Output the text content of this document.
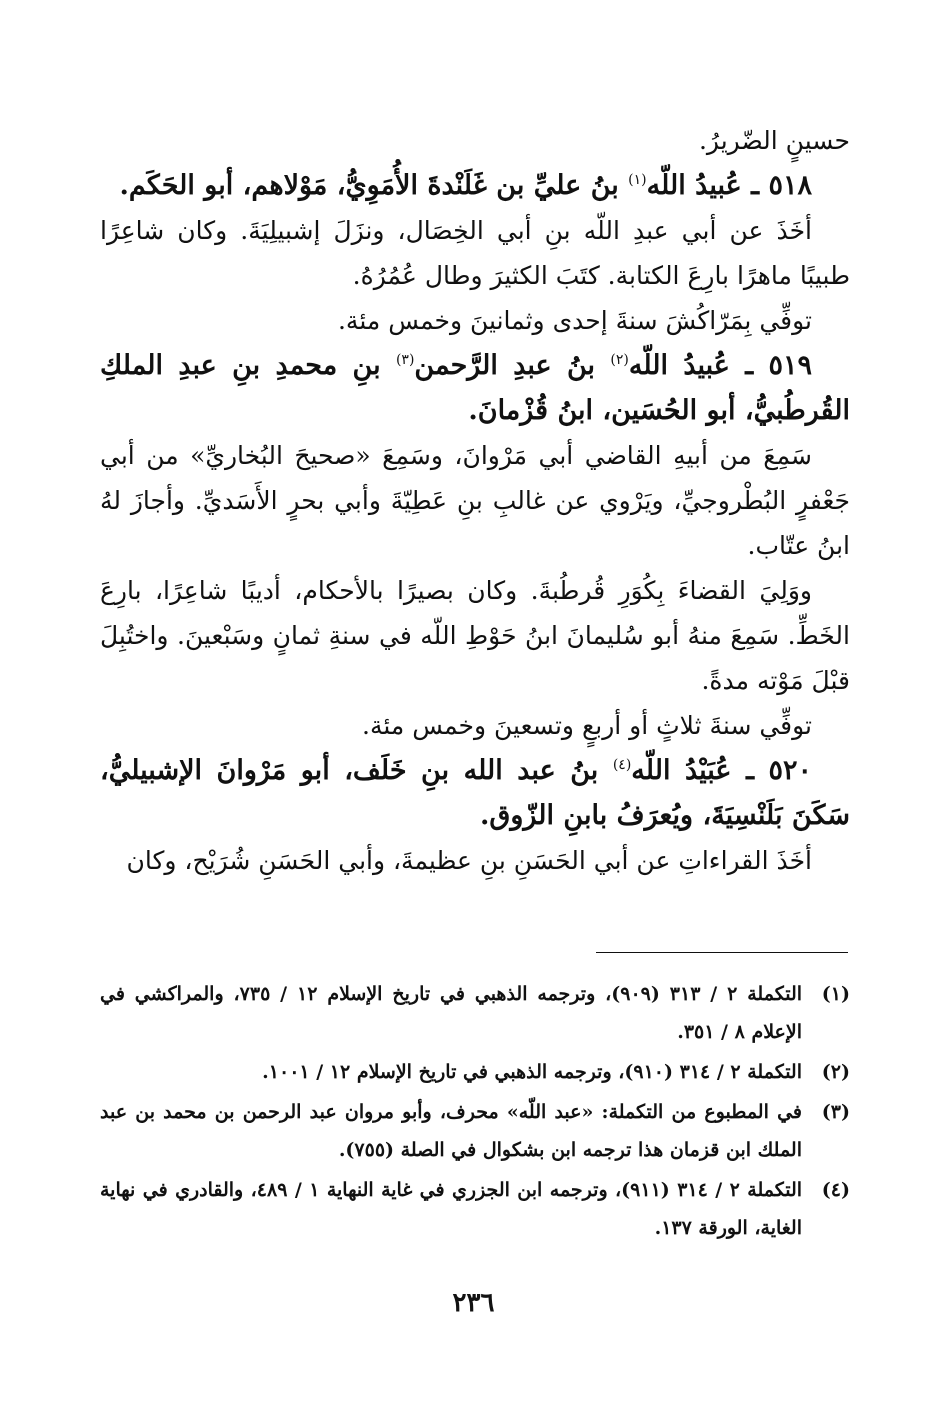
حسينٍ الضّريرُ.

٥١٨ ـ عُبيدُ اللّه$^{(١)}$ بنُ عليِّ بن غَلَنْدةَ الأُمَوِيُّ، مَوْلاهم، أبو الحَكَم.

أخَذَ عن أبي عبدِ اللّه بنِ أبي الخِصَال، ونزَلَ إشبيلِيَةَ. وكان شاعِرًا طبيبًا ماهرًا بارِعَ الكتابة. كتَبَ الكثيرَ وطال عُمُرُهُ.

توفِّي بِمَرّاكُشَ سنةَ إحدى وثمانينَ وخمس مئة.

٥١٩ ـ عُبيدُ اللّه$^{(٢)}$ بنُ عبدِ الرَّحمن$^{(٣)}$ بنِ محمدِ بنِ عبدِ الملكِ القُرطُبيُّ، أبو الحُسَين، ابنُ قُزْمانَ.

سَمِعَ من أبيهِ القاضي أبي مَرْوانَ، وسَمِعَ «صحيحَ البُخاريِّ» من أبي جَعْفرٍ البُطْروجيِّ، ويَرْوي عن غالبِ بنِ عَطِيّةَ وأبي بحرٍ الأَسَديِّ. وأجازَ لهُ ابنُ عتّاب.

ووَلِيَ القضاءَ بِكُوَرِ قُرطُبةَ. وكان بصيرًا بالأحكام، أديبًا شاعِرًا، بارِعَ الخَطِّ. سَمِعَ منهُ أبو سُليمانَ ابنُ حَوْطِ اللّه في سنةِ ثمانٍ وسَبْعينَ. واختُبِلَ قبْلَ مَوْته مدةً.

توفِّي سنةَ ثلاثٍ أو أربعٍ وتسعينَ وخمس مئة.

٥٢٠ ـ عُبَيْدُ اللّه$^{(٤)}$ بنُ عبد الله بنِ خَلَف، أبو مَرْوانَ الإشبيليُّ، سَكَنَ بَلَنْسِيَةَ، ويُعرَفُ بابنِ الزّوق.

أخَذَ القراءاتِ عن أبي الحَسَنِ بنِ عظيمةَ، وأبي الحَسَنِ شُرَيْح، وكان

(١)
التكملة ٢ / ٣١٣ (٩٠٩)، وترجمه الذهبي في تاريخ الإسلام ١٢ / ٧٣٥، والمراكشي في الإعلام ٨ / ٣٥١.
(٢)
التكملة ٢ / ٣١٤ (٩١٠)، وترجمه الذهبي في تاريخ الإسلام ١٢ / ١٠٠١.
(٣)
في المطبوع من التكملة: «عبد اللّه» محرف، وأبو مروان عبد الرحمن بن محمد بن عبد الملك ابن قزمان هذا ترجمه ابن بشكوال في الصلة (٧٥٥).
(٤)
التكملة ٢ / ٣١٤ (٩١١)، وترجمه ابن الجزري في غاية النهاية ١ / ٤٨٩، والقادري في نهاية الغاية، الورقة ١٣٧.
٢٣٦
